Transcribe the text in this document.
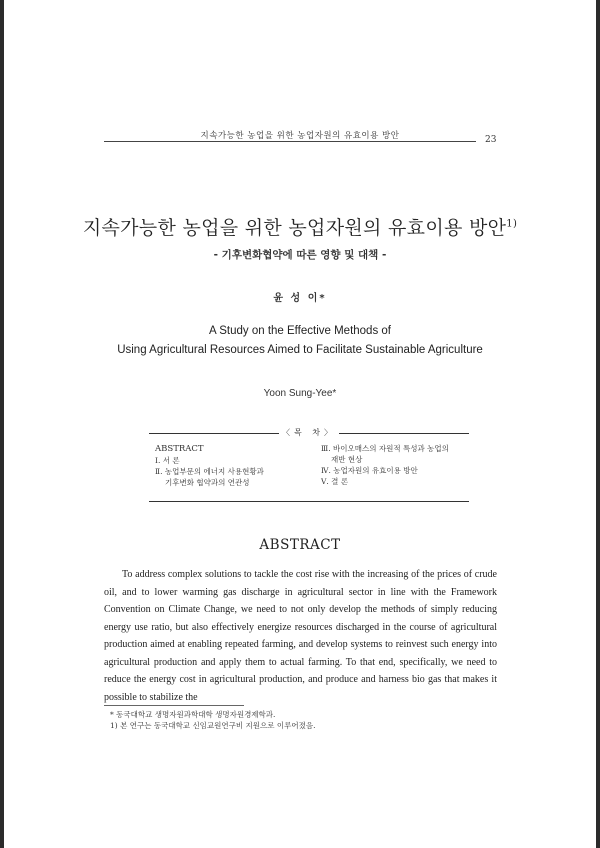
지속가능한 농업을 위한 농업자원의 유효이용 방안	23
지속가능한 농업을 위한 농업자원의 유효이용 방안$^{1)}$
- 기후변화협약에 따른 영향 및 대책 -
윤 성 이*
A Study on the Effective Methods of
Using Agricultural Resources Aimed to Facilitate Sustainable Agriculture
Yoon Sung-Yee*
〈목 차〉
ABSTRACT
Ⅰ. 서 론
Ⅱ. 농업부문의 에너지 사용현황과
기후변화 협약과의 연관성
Ⅲ. 바이오매스의 자원적 특성과 농업의
재반 현상
Ⅳ. 농업자원의 유효이용 방안
Ⅴ. 결 론
ABSTRACT
To address complex solutions to tackle the cost rise with the increasing of the prices of crude oil, and to lower warming gas discharge in agricultural sector in line with the Framework Convention on Climate Change, we need to not only develop the methods of simply reducing energy use ratio, but also effectively energize resources discharged in the course of agricultural production aimed at enabling repeated farming, and develop systems to reinvest such energy into agricultural production and apply them to actual farming. To that end, specifically, we need to reduce the energy cost in agricultural production, and produce and harness bio gas that makes it possible to stabilize the
* 동국대학교 생명자원과학대학 생명자원경제학과.
1) 본 연구는 동국대학교 신임교원연구비 지원으로 이루어졌음.
